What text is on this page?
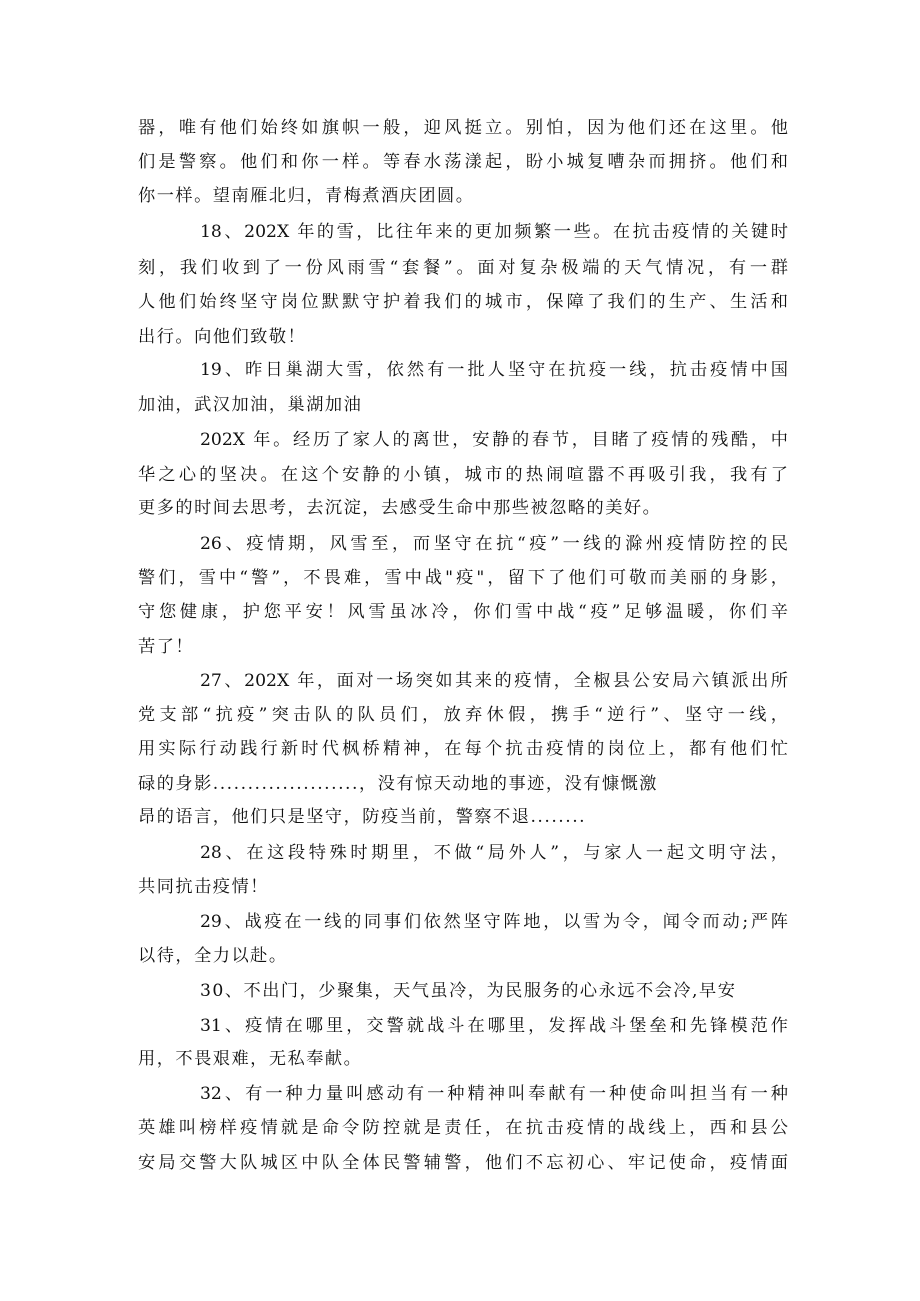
器，唯有他们始终如旗帜一般，迎风挺立。别怕，因为他们还在这里。他
们是警察。他们和你一样。等春水荡漾起，盼小城复嘈杂而拥挤。他们和
你一样。望南雁北归，青梅煮酒庆团圆。
18、202X 年的雪，比往年来的更加频繁一些。在抗击疫情的关键时
刻，我们收到了一份风雨雪“套餐”。面对复杂极端的天气情况，有一群
人他们始终坚守岗位默默守护着我们的城市，保障了我们的生产、生活和
出行。向他们致敬！
19、昨日巢湖大雪，依然有一批人坚守在抗疫一线，抗击疫情中国
加油，武汉加油，巢湖加油
202X 年。经历了家人的离世，安静的春节，目睹了疫情的残酷，中
华之心的坚决。在这个安静的小镇，城市的热闹喧嚣不再吸引我，我有了
更多的时间去思考，去沉淀，去感受生命中那些被忽略的美好。
26、疫情期，风雪至，而坚守在抗“疫”一线的滁州疫情防控的民
警们，雪中“警”，不畏难，雪中战"疫"，留下了他们可敬而美丽的身影，
守您健康，护您平安！风雪虽冰冷，你们雪中战“疫”足够温暖，你们辛
苦了！
27、202X 年，面对一场突如其来的疫情，全椒县公安局六镇派出所
党支部“抗疫”突击队的队员们，放弃休假，携手“逆行”、坚守一线，
用实际行动践行新时代枫桥精神，在每个抗击疫情的岗位上，都有他们忙
碌的身影.....................，没有惊天动地的事迹，没有慷慨激
昂的语言，他们只是坚守，防疫当前，警察不退........
28、在这段特殊时期里，不做“局外人”，与家人一起文明守法，
共同抗击疫情！
29、战疫在一线的同事们依然坚守阵地，以雪为令，闻令而动;严阵
以待，全力以赴。
30、不出门，少聚集，天气虽冷，为民服务的心永远不会冷,早安
31、疫情在哪里，交警就战斗在哪里，发挥战斗堡垒和先锋模范作
用，不畏艰难，无私奉献。
32、有一种力量叫感动有一种精神叫奉献有一种使命叫担当有一种
英雄叫榜样疫情就是命令防控就是责任，在抗击疫情的战线上，西和县公
安局交警大队城区中队全体民警辅警，他们不忘初心、牢记使命，疫情面
